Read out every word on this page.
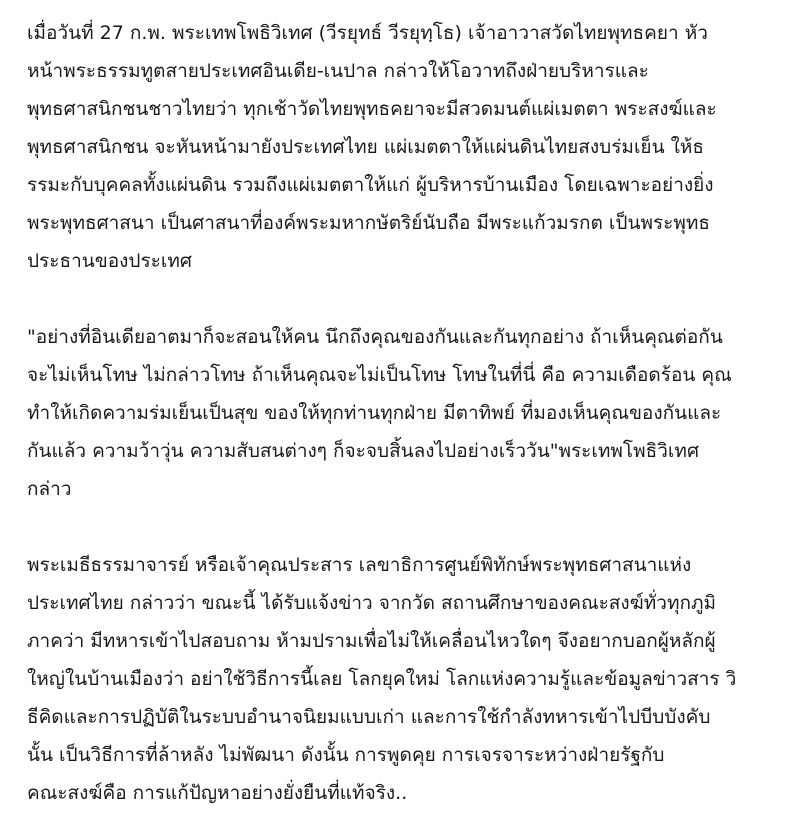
เมื่อวันที่ 27 ก.พ. พระเทพโพธิวิเทศ (วีรยุทธ์ วีรยุทฺโธ) เจ้าอาวาสวัดไทยพุทธคยา หัว
หน้าพระธรรมทูตสายประเทศอินเดีย-เนปาล กล่าวให้โอวาทถึงฝ่ายบริหารและ
พุทธศาสนิกชนชาวไทยว่า ทุกเช้าวัดไทยพุทธคยาจะมีสวดมนต์แผ่เมตตา พระสงฆ์และ
พุทธศาสนิกชน จะหันหน้ามายังประเทศไทย แผ่เมตตาให้แผ่นดินไทยสงบร่มเย็น ให้ธ
รรมะกับบุคคลทั้งแผ่นดิน รวมถึงแผ่เมตตาให้แก่ ผู้บริหารบ้านเมือง โดยเฉพาะอย่างยิ่ง
พระพุทธศาสนา เป็นศาสนาที่องค์พระมหากษัตริย์นับถือ มีพระแก้วมรกต เป็นพระพุทธ
ประธานของประเทศ

"อย่างที่อินเดียอาตมาก็จะสอนให้คน นึกถึงคุณของกันและกันทุกอย่าง ถ้าเห็นคุณต่อกัน
จะไม่เห็นโทษ ไม่กล่าวโทษ ถ้าเห็นคุณจะไม่เป็นโทษ โทษในที่นี่ คือ ความเดือดร้อน คุณ
ทำให้เกิดความร่มเย็นเป็นสุข ของให้ทุกท่านทุกฝ่าย มีตาทิพย์ ที่มองเห็นคุณของกันและ
กันแล้ว ความว้าวุ่น ความสับสนต่างๆ ก็จะจบสิ้นลงไปอย่างเร็ววัน"พระเทพโพธิวิเทศ
กล่าว

พระเมธีธรรมาจารย์ หรือเจ้าคุณประสาร เลขาธิการศูนย์พิทักษ์พระพุทธศาสนาแห่ง
ประเทศไทย กล่าวว่า ขณะนี้ ได้รับแจ้งข่าว จากวัด สถานศึกษาของคณะสงฆ์ทั่วทุกภูมิ
ภาคว่า มีทหารเข้าไปสอบถาม ห้ามปรามเพื่อไม่ให้เคลื่อนไหวใดๆ จึงอยากบอกผู้หลักผู้
ใหญ่ในบ้านเมืองว่า อย่าใช้วิธีการนี้เลย โลกยุคใหม่ โลกแห่งความรู้และข้อมูลข่าวสาร วิ
ธีคิดและการปฏิบัติในระบบอำนาจนิยมแบบเก่า และการใช้กำลังทหารเข้าไปบีบบังคับ
นั้น เป็นวิธีการที่ล้าหลัง ไม่พัฒนา ดังนั้น การพูดคุย การเจรจาระหว่างฝ่ายรัฐกับ
คณะสงฆ์คือ การแก้ปัญหาอย่างยั่งยืนที่แท้จริง..
